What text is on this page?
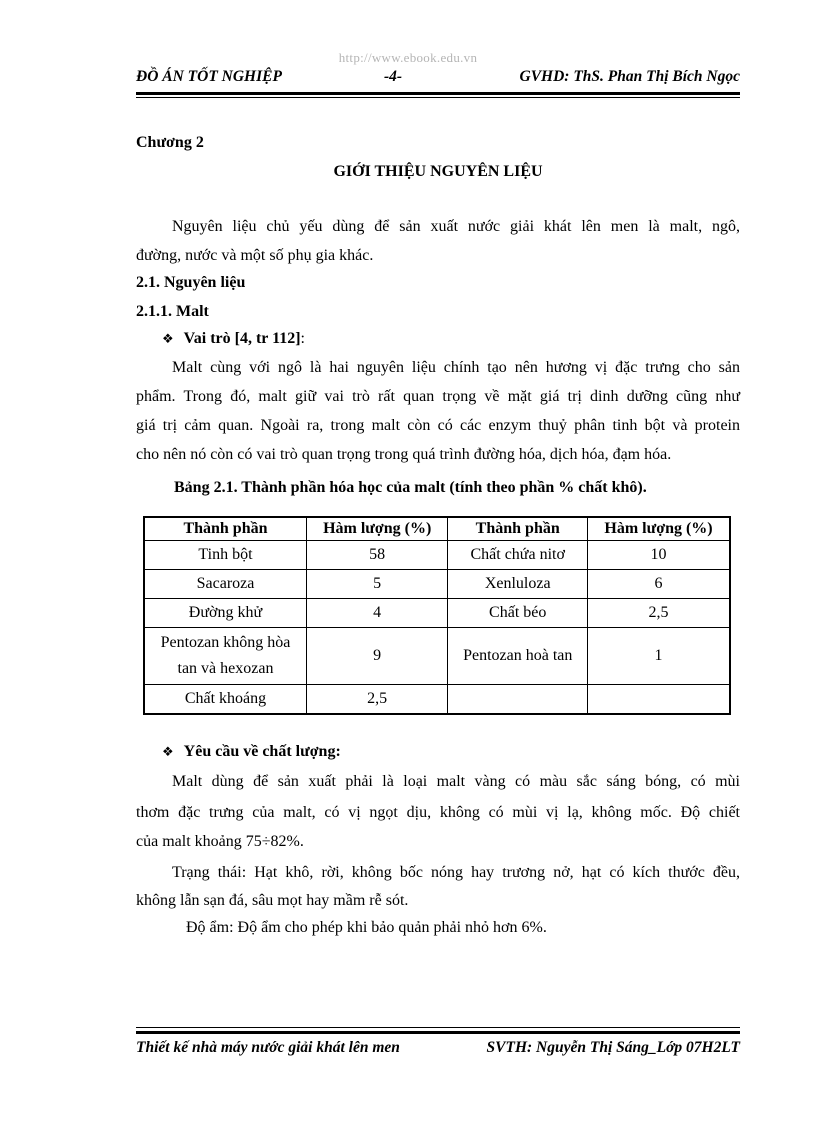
http://www.ebook.edu.vn
ĐỒ ÁN TỐT NGHIỆP	-4-	GVHD: ThS. Phan Thị Bích Ngọc
Chương 2
GIỚI THIỆU NGUYÊN LIỆU
Nguyên liệu chủ yếu dùng để sản xuất nước giải khát lên men là malt, ngô,
đường, nước và một số phụ gia khác.
2.1. Nguyên liệu
2.1.1. Malt
❖ Vai trò [4, tr 112]:
Malt cùng với ngô là hai nguyên liệu chính tạo nên hương vị đặc trưng cho sản
phẩm. Trong đó, malt giữ vai trò rất quan trọng về mặt giá trị dinh dưỡng cũng như
giá trị cảm quan. Ngoài ra, trong malt còn có các enzym thuỷ phân tinh bột và protein
cho nên nó còn có vai trò quan trọng trong quá trình đường hóa, dịch hóa, đạm hóa.
Bảng 2.1. Thành phần hóa học của malt (tính theo phần % chất khô).
Thành phần	Hàm lượng (%)	Thành phần	Hàm lượng (%)
Tinh bột	58	Chất chứa nitơ	10
Sacaroza	5	Xenluloza	6
Đường khử	4	Chất béo	2,5

Pentozan không hòa
tan và hexozan	9	Pentozan hoà tan	1
Chất khoáng	2,5		
❖ Yêu cầu về chất lượng:
Malt dùng để sản xuất phải là loại malt vàng có màu sắc sáng bóng, có mùi
thơm đặc trưng của malt, có vị ngọt dịu, không có mùi vị lạ, không mốc. Độ chiết
của malt khoảng 75÷82%.
Trạng thái: Hạt khô, rời, không bốc nóng hay trương nở, hạt có kích thước đều,
không lẫn sạn đá, sâu mọt hay mầm rễ sót.
Độ ẩm: Độ ẩm cho phép khi bảo quản phải nhỏ hơn 6%.
Thiết kế nhà máy nước giải khát lên men	SVTH: Nguyễn Thị Sáng_Lớp 07H2LT
